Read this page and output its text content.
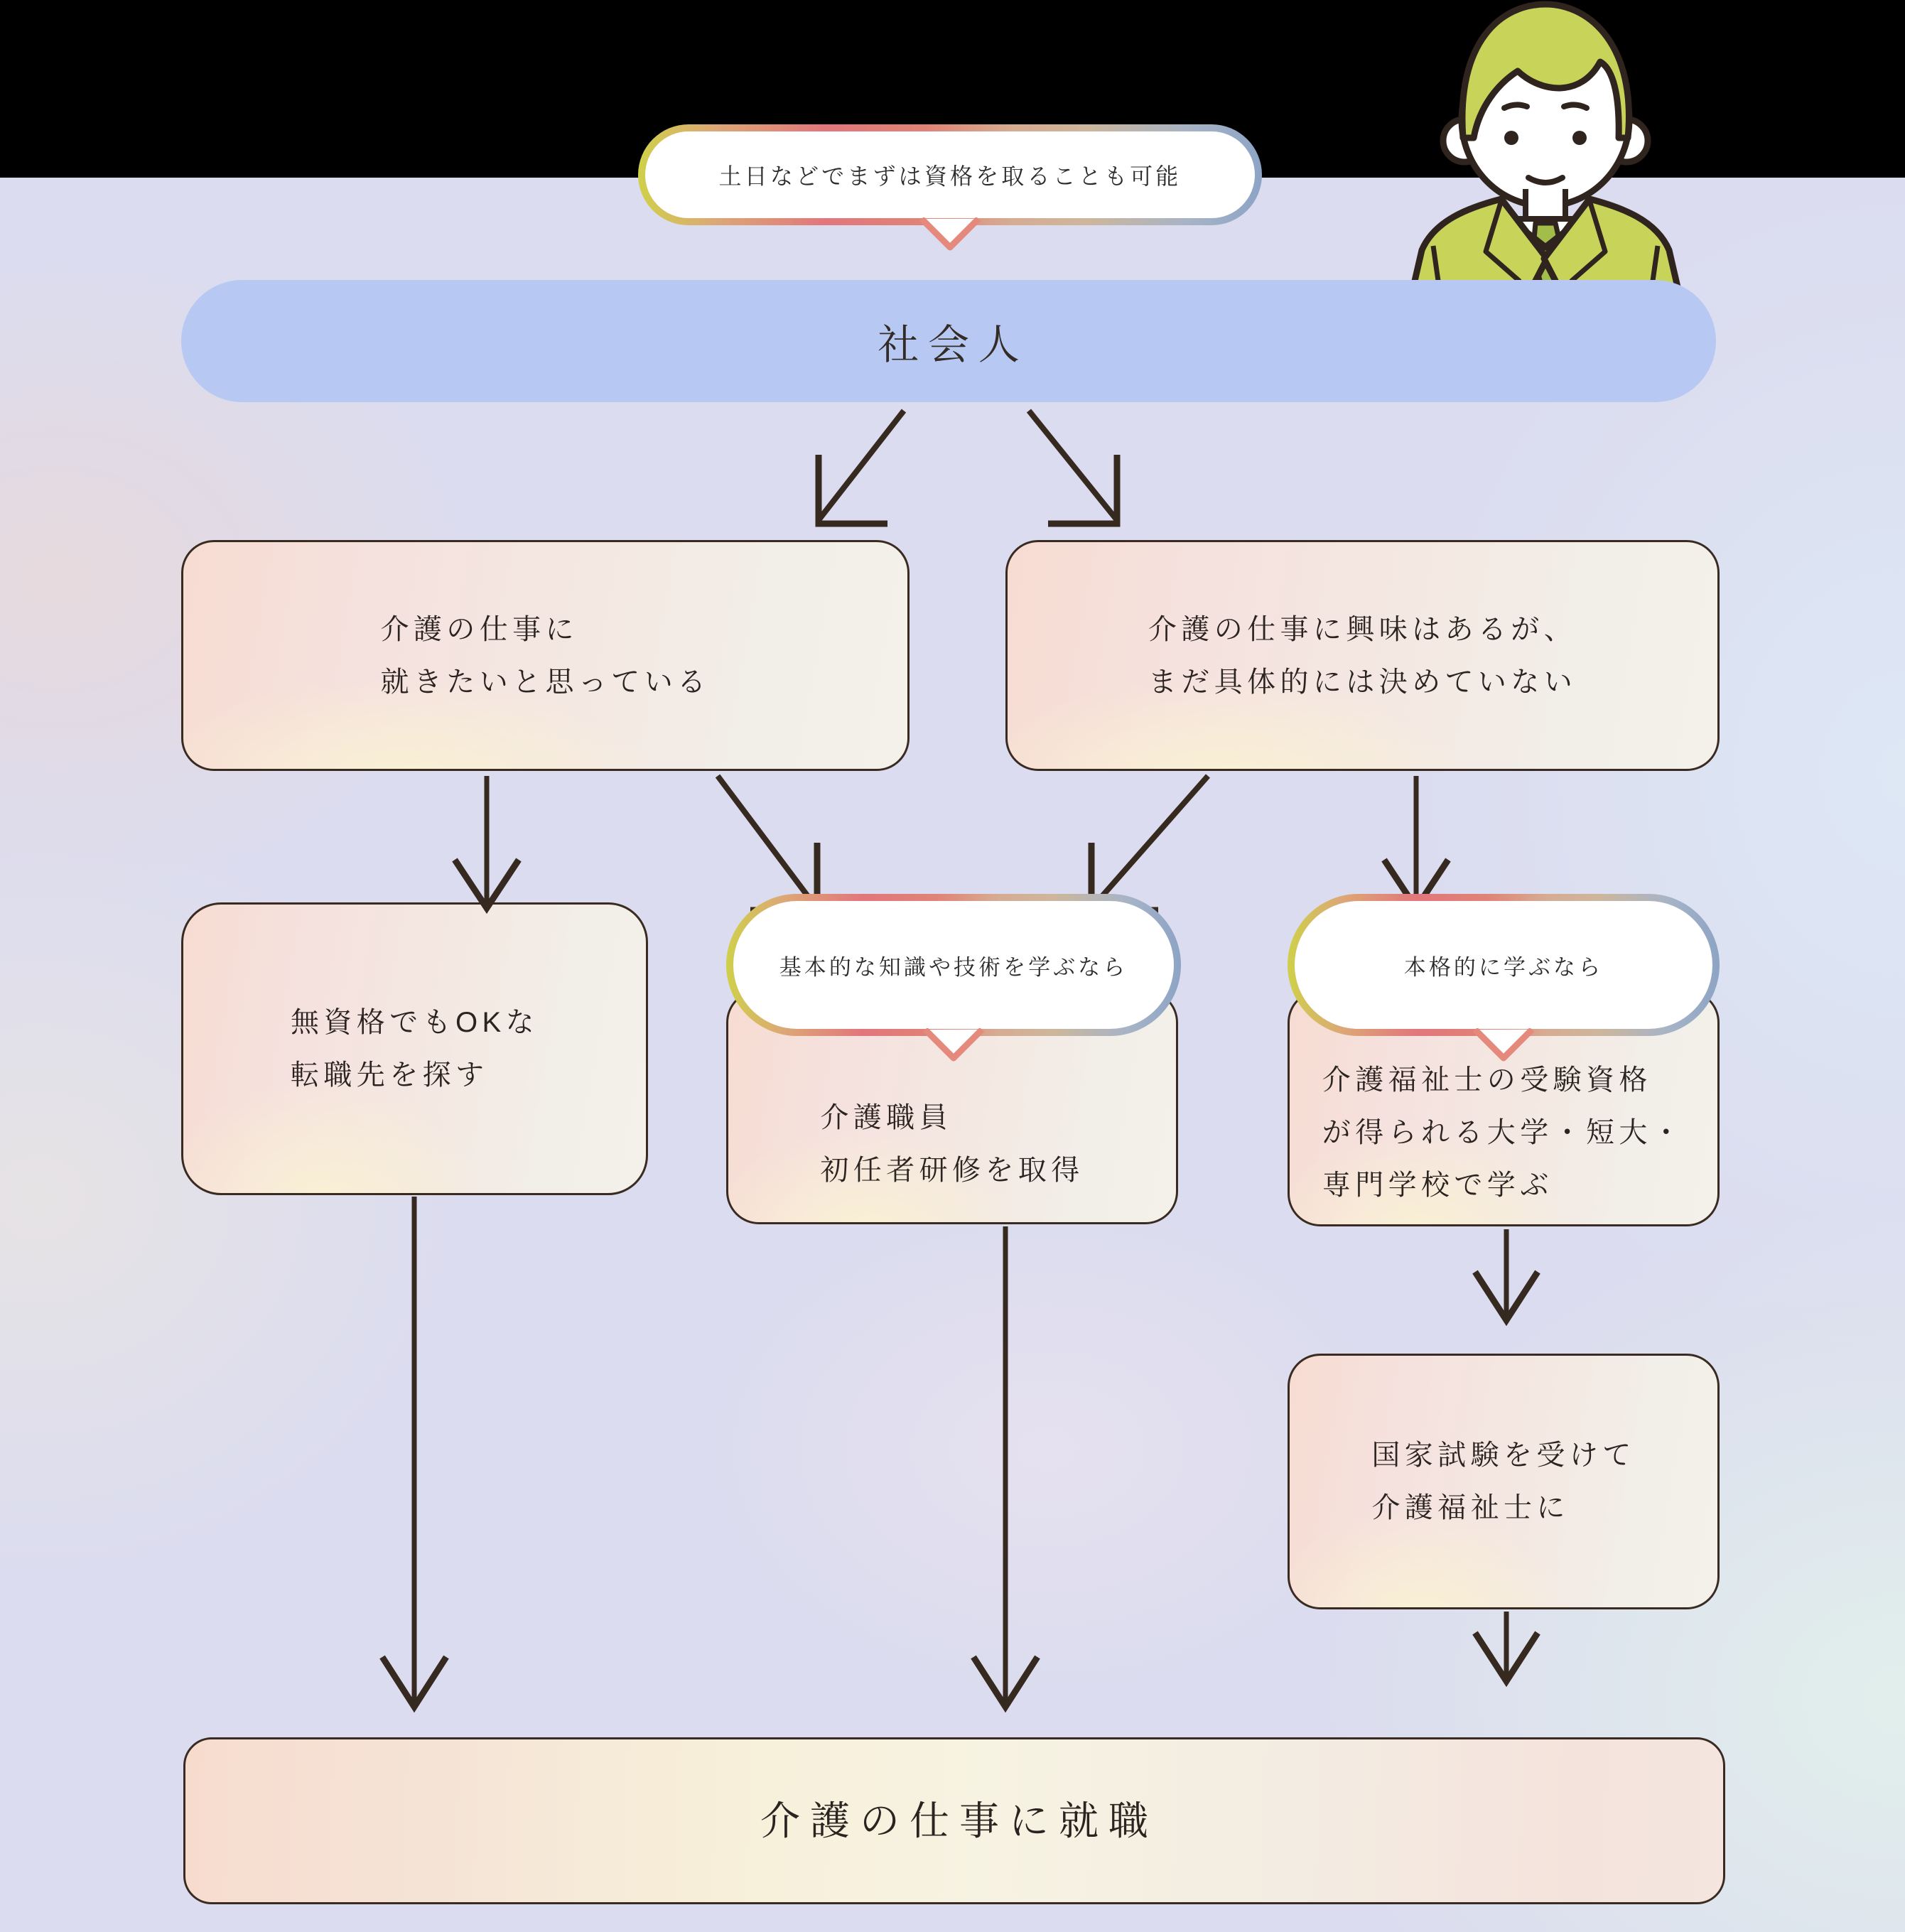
土日などでまずは資格を取ることも可能
社会人
介護の仕事に
就きたいと思っている
介護の仕事に興味はあるが、
まだ具体的には決めていない
無資格でもOKな
転職先を探す
介護職員
初任者研修を取得
基本的な知識や技術を学ぶなら
介護福祉士の受験資格
が得られる大学・短大・
専門学校で学ぶ
本格的に学ぶなら
国家試験を受けて
介護福祉士に
介護の仕事に就職
